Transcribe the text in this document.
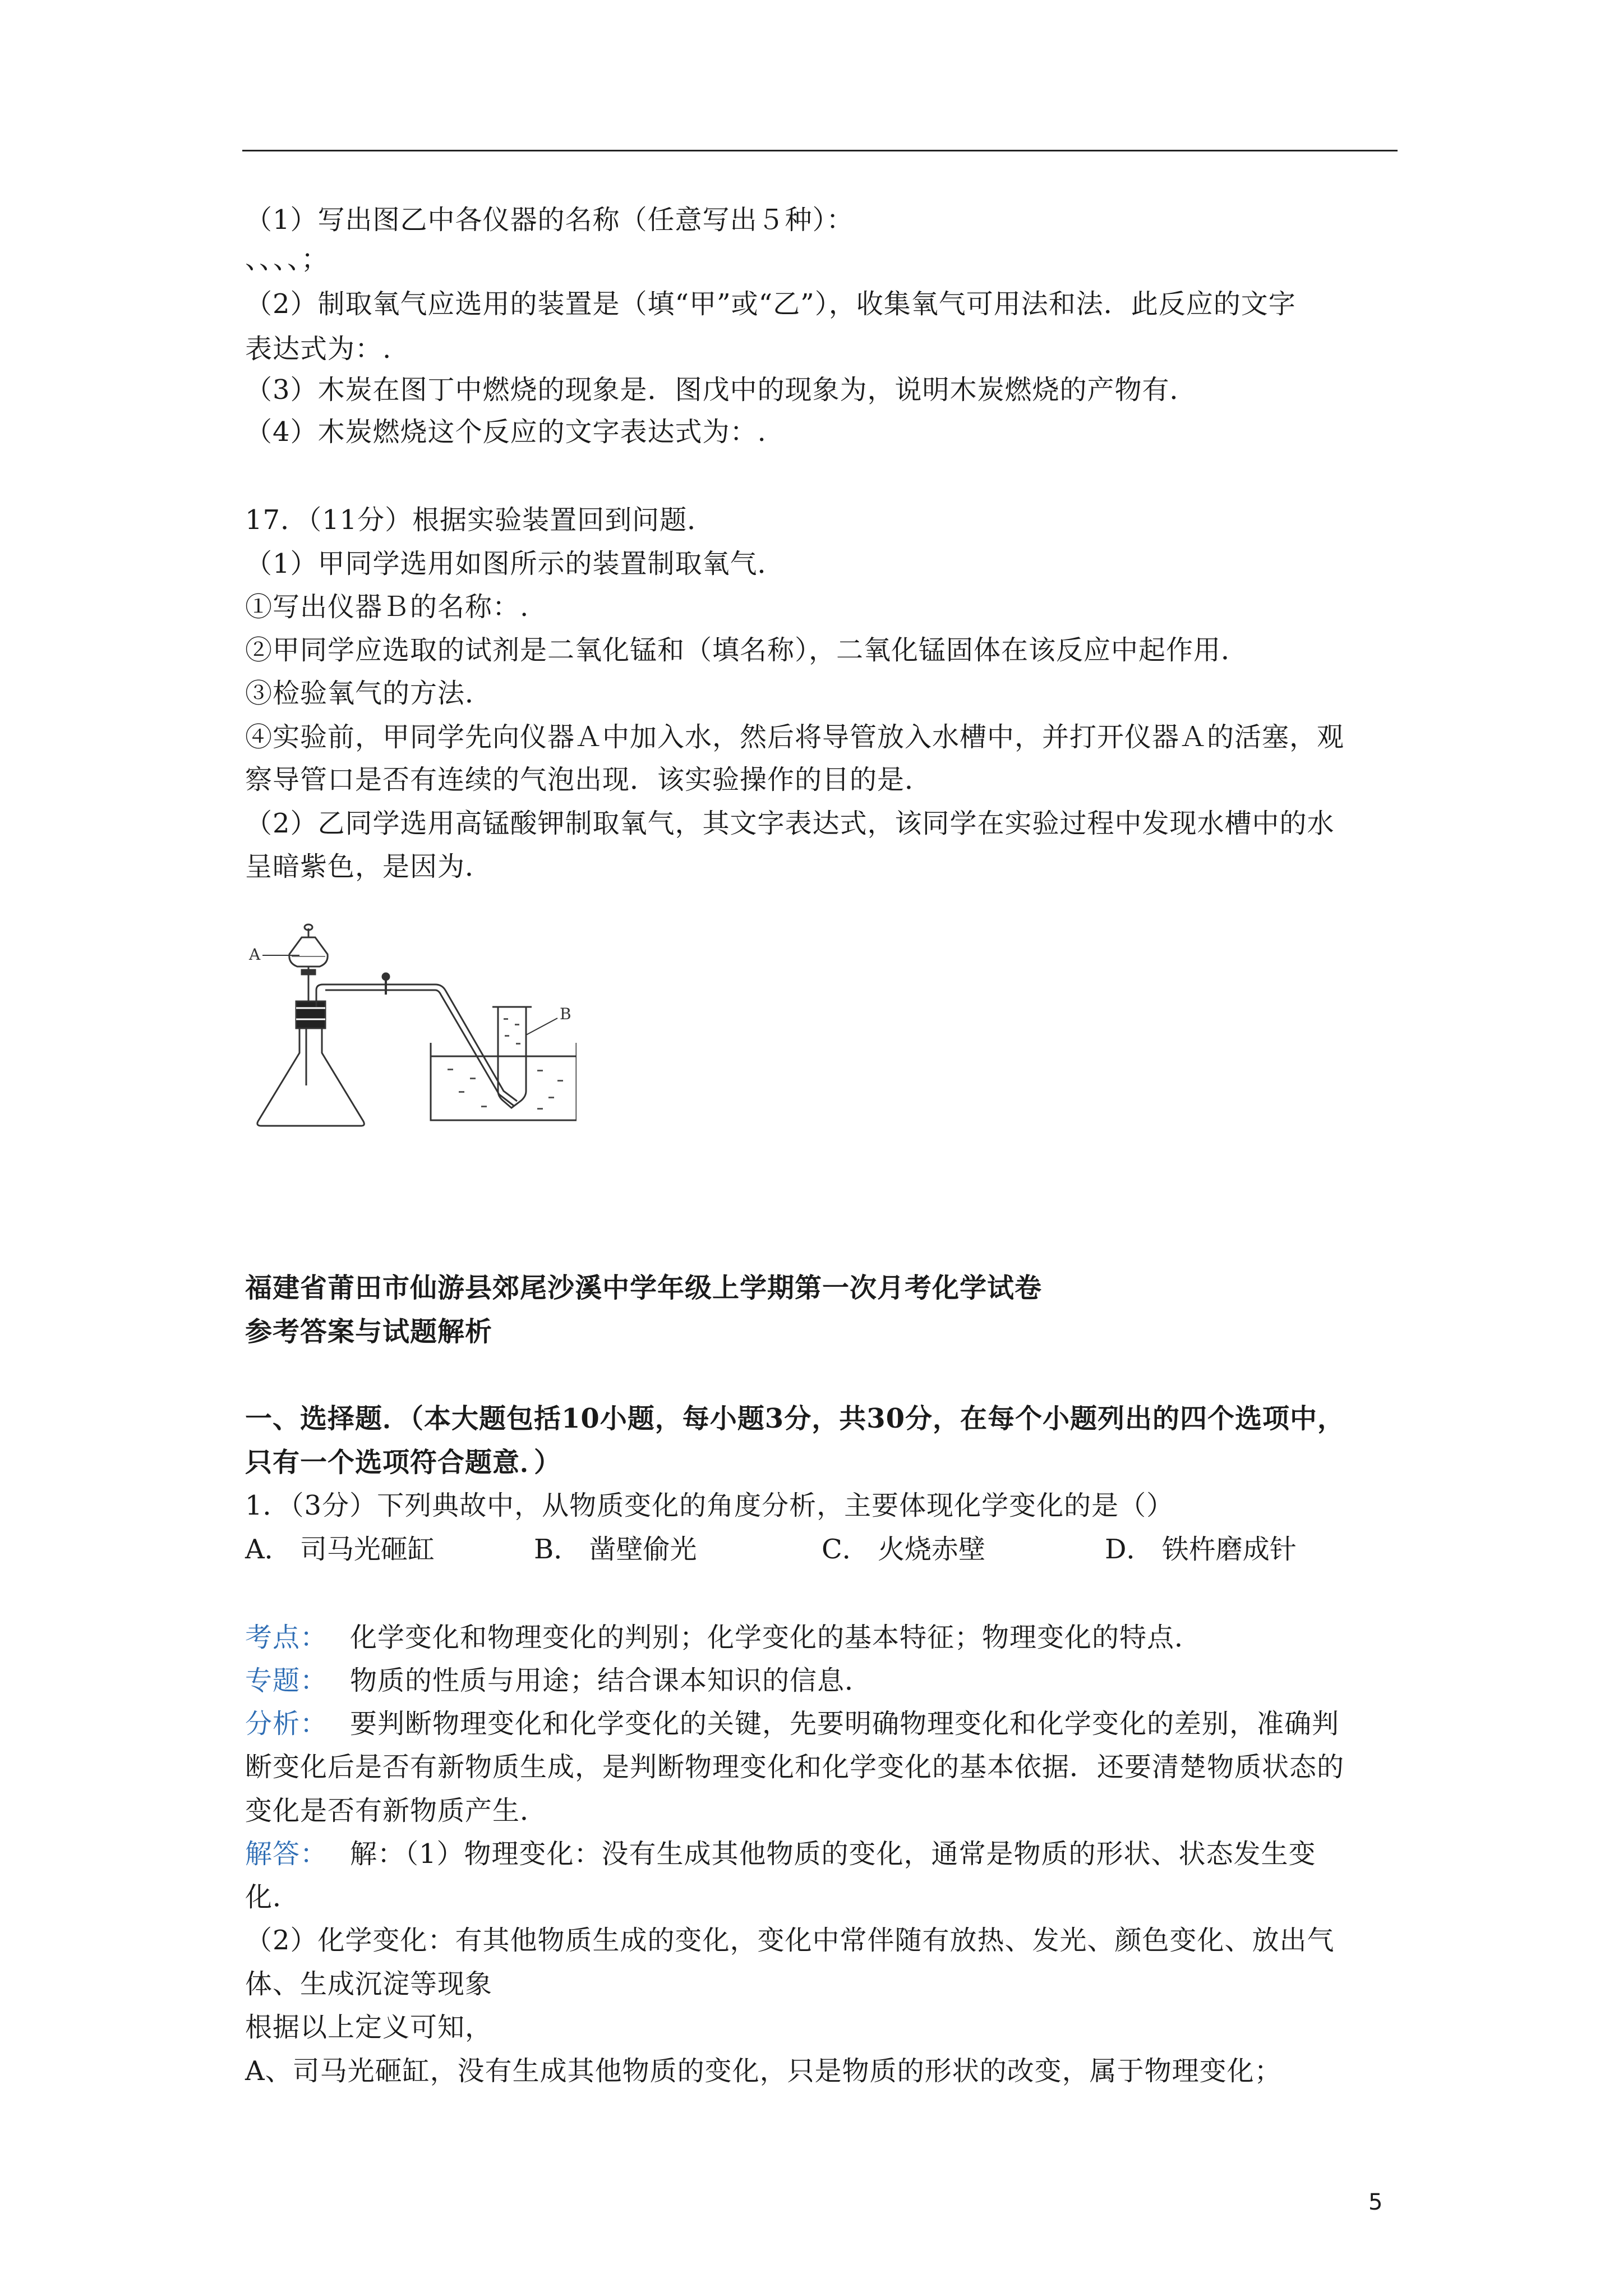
（1）写出图乙中各仪器的名称（任意写出５种）：
、、、、；
（2）制取氧气应选用的装置是（填“甲”或“乙”），收集氧气可用法和法．此反应的文字
表达式为：.
（3）木炭在图丁中燃烧的现象是．图戊中的现象为，说明木炭燃烧的产物有．
（4）木炭燃烧这个反应的文字表达式为：.
17．（11分）根据实验装置回到问题．
（1）甲同学选用如图所示的装置制取氧气．
①写出仪器Ｂ的名称：.
②甲同学应选取的试剂是二氧化锰和（填名称），二氧化锰固体在该反应中起作用．
③检验氧气的方法．
④实验前，甲同学先向仪器Ａ中加入水，然后将导管放入水槽中，并打开仪器Ａ的活塞，观
察导管口是否有连续的气泡出现．该实验操作的目的是．
（2）乙同学选用高锰酸钾制取氧气，其文字表达式，该同学在实验过程中发现水槽中的水
呈暗紫色，是因为．
A
B
福建省莆田市仙游县郊尾沙溪中学年级上学期第一次月考化学试卷
参考答案与试题解析
一、选择题．（本大题包括10小题，每小题3分，共30分，在每个小题列出的四个选项中，
只有一个选项符合题意．）
1．（3分）下列典故中，从物质变化的角度分析，主要体现化学变化的是（）
A． 司马光砸缸	B． 凿壁偷光	C． 火烧赤壁	D． 铁杵磨成针
考点： 化学变化和物理变化的判别；化学变化的基本特征；物理变化的特点．
专题： 物质的性质与用途；结合课本知识的信息．
分析： 要判断物理变化和化学变化的关键，先要明确物理变化和化学变化的差别，准确判
断变化后是否有新物质生成，是判断物理变化和化学变化的基本依据．还要清楚物质状态的
变化是否有新物质产生．
解答： 解：（1）物理变化：没有生成其他物质的变化，通常是物质的形状、状态发生变
化．
（2）化学变化：有其他物质生成的变化，变化中常伴随有放热、发光、颜色变化、放出气
体、生成沉淀等现象
根据以上定义可知，
A、司马光砸缸，没有生成其他物质的变化，只是物质的形状的改变，属于物理变化；
5
